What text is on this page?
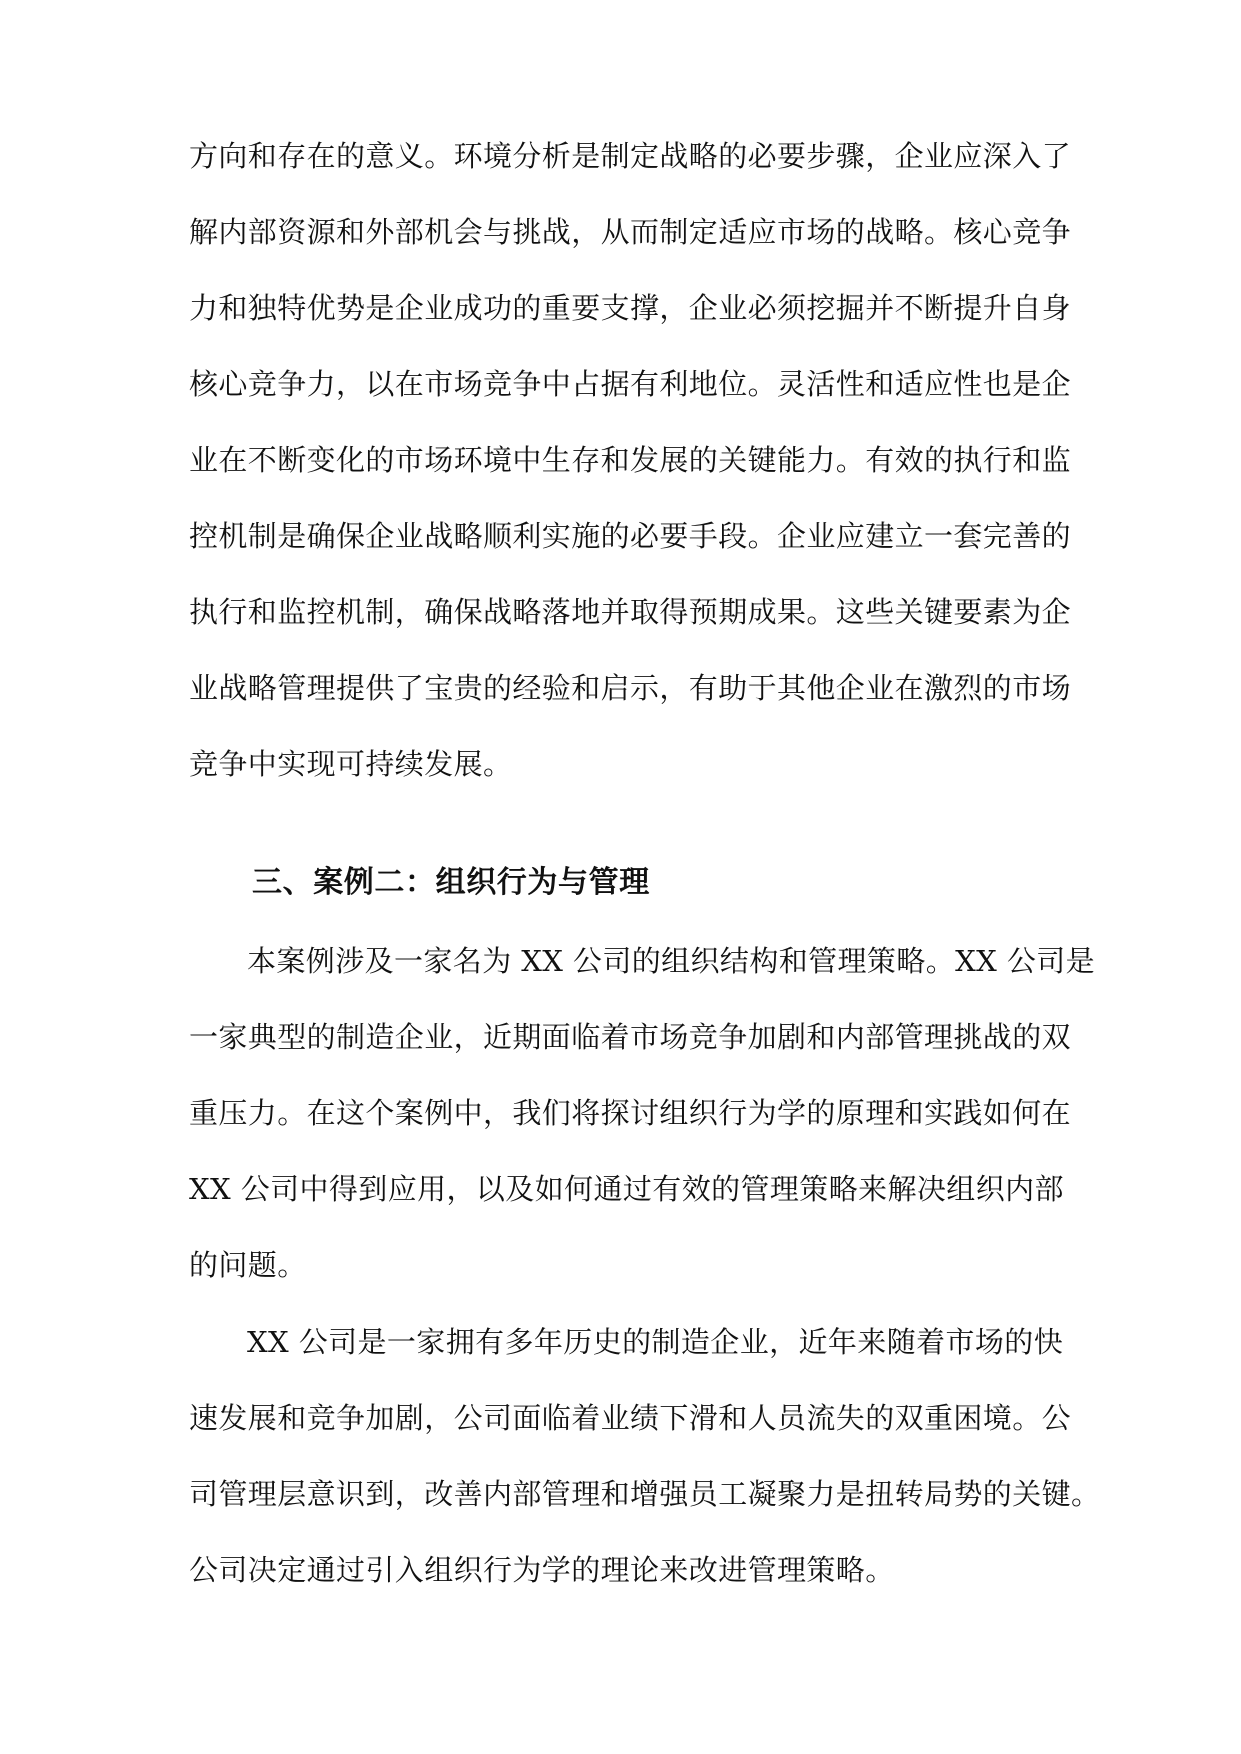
方向和存在的意义。环境分析是制定战略的必要步骤，企业应深入了
解内部资源和外部机会与挑战，从而制定适应市场的战略。核心竞争
力和独特优势是企业成功的重要支撑，企业必须挖掘并不断提升自身
核心竞争力，以在市场竞争中占据有利地位。灵活性和适应性也是企
业在不断变化的市场环境中生存和发展的关键能力。有效的执行和监
控机制是确保企业战略顺利实施的必要手段。企业应建立一套完善的
执行和监控机制，确保战略落地并取得预期成果。这些关键要素为企
业战略管理提供了宝贵的经验和启示，有助于其他企业在激烈的市场
竞争中实现可持续发展。
三、案例二：组织行为与管理
本案例涉及一家名为 XX 公司的组织结构和管理策略。XX 公司是
一家典型的制造企业，近期面临着市场竞争加剧和内部管理挑战的双
重压力。在这个案例中，我们将探讨组织行为学的原理和实践如何在
XX 公司中得到应用，以及如何通过有效的管理策略来解决组织内部
的问题。
XX 公司是一家拥有多年历史的制造企业，近年来随着市场的快
速发展和竞争加剧，公司面临着业绩下滑和人员流失的双重困境。公
司管理层意识到，改善内部管理和增强员工凝聚力是扭转局势的关键。
公司决定通过引入组织行为学的理论来改进管理策略。
